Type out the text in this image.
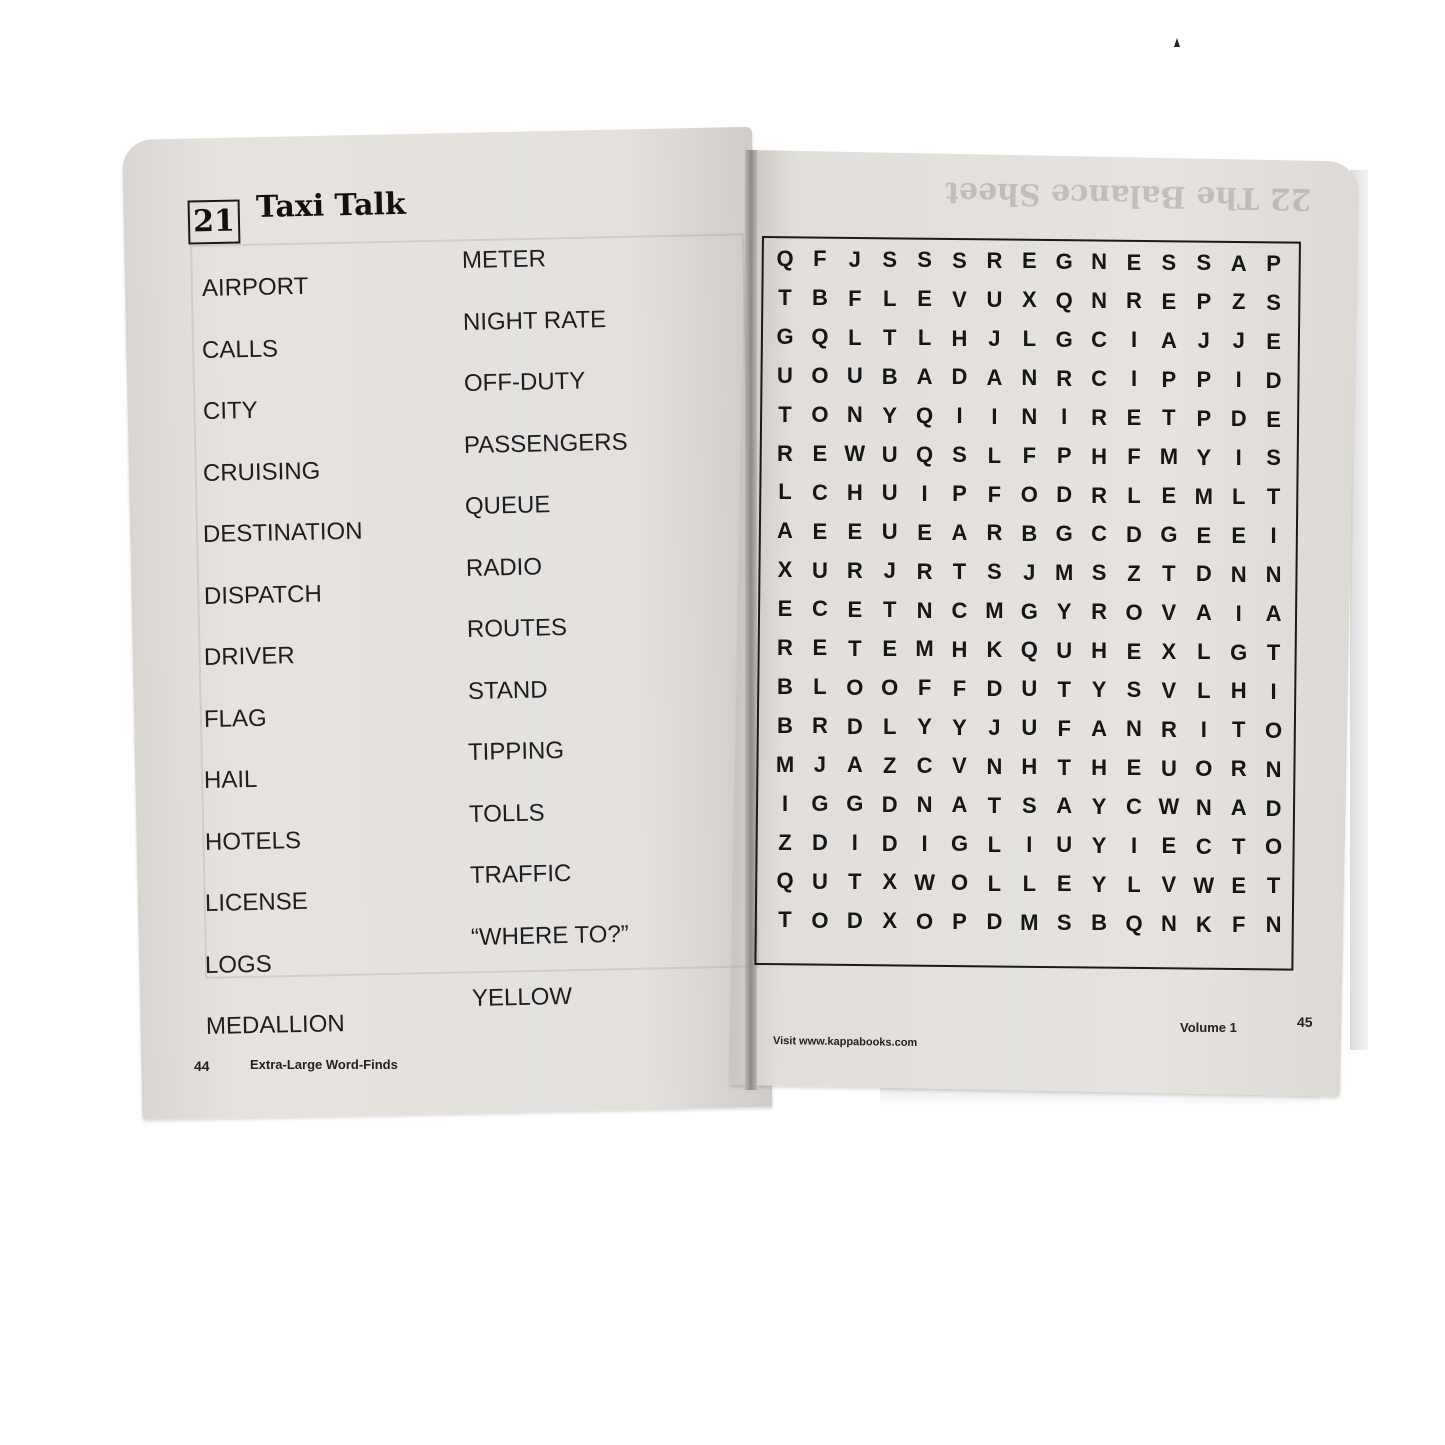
21 Taxi Talk
AIRPORT
CALLS
CITY
CRUISING
DESTINATION
DISPATCH
DRIVER
FLAG
HAIL
HOTELS
LICENSE
LOGS
MEDALLION
METER
NIGHT RATE
OFF-DUTY
PASSENGERS
QUEUE
RADIO
ROUTES
STAND
TIPPING
TOLLS
TRAFFIC
“WHERE TO?”
YELLOW
44	Extra-Large Word-Finds
22 The Balance Sheet
Q F	J S S S R E G N E S S A P
T B F L E V U X Q N R E P Z S
G Q L T L H J	L G C	I	A J	J E
U O U B A D A N R C	I	P P	I	D
T O N Y Q	I	I	N	I	R E T P D E
R E W U Q S L F P H F M Y	I	S
L C H U	I	P F O D R L E M L T
A E E U E A R B G C D G E E	I
X U R J R T S J M S Z T D N N
E C E T N C M G Y R O V A	I	A
R E T E M H K Q U H E X L G T
B L O O F F D U T Y S V L H	I
B R D L Y Y J U F A N R	I	T O
M J A Z C V N H T H E U O R N
I	G G D N A T S A Y C W N A D
Z D	I	D	I	G L	I	U Y	I	E C T O
Q U T X W O L L E Y L V W E T
T O D X O P D M S B Q N K F N
Visit www.kappabooks.com
Volume 1	45
